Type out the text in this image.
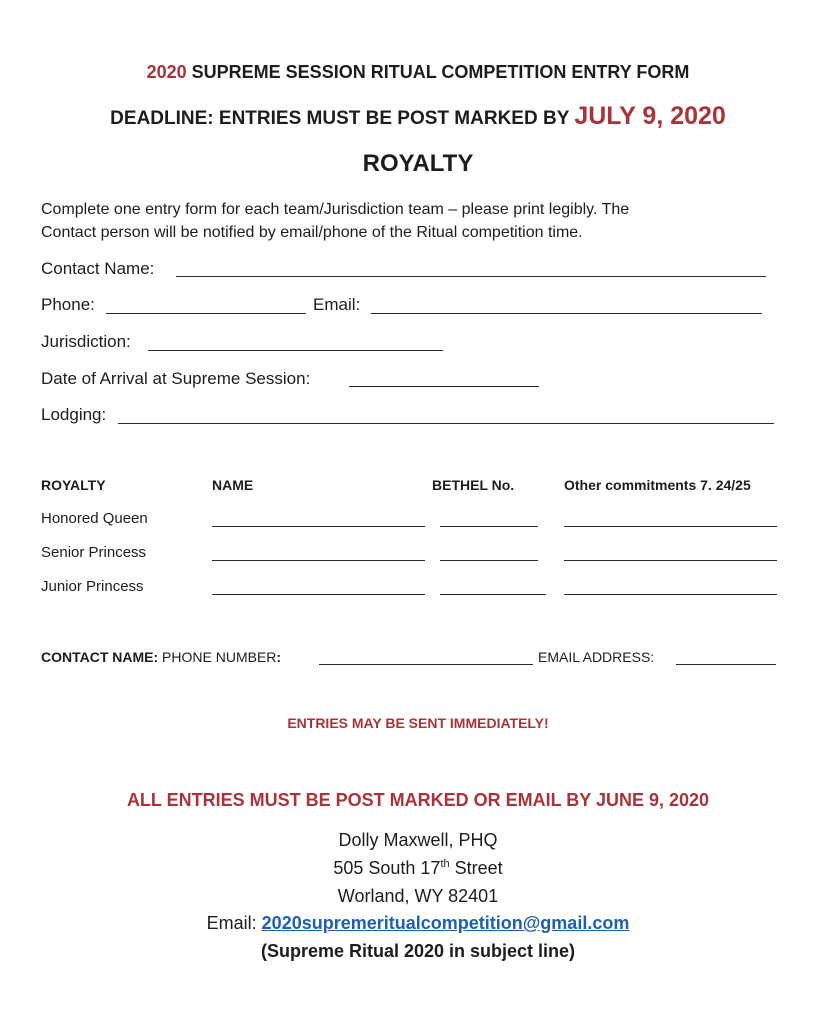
2020 SUPREME SESSION RITUAL COMPETITION ENTRY FORM
DEADLINE: ENTRIES MUST BE POST MARKED BY JULY 9, 2020
ROYALTY
Complete one entry form for each team/Jurisdiction team – please print legibly. The
Contact person will be notified by email/phone of the Ritual competition time.
Contact Name:
Phone:	Email:
Jurisdiction:
Date of Arrival at Supreme Session:
Lodging:
ROYALTY	NAME	BETHEL No.	Other commitments 7. 24/25
Honored Queen
Senior Princess
Junior Princess
CONTACT NAME: PHONE NUMBER:	EMAIL ADDRESS:
ENTRIES MAY BE SENT IMMEDIATELY!
ALL ENTRIES MUST BE POST MARKED OR EMAIL BY JUNE 9, 2020
Dolly Maxwell, PHQ
505 South 17th Street
Worland, WY 82401
Email: 2020supremeritualcompetition@gmail.com
(Supreme Ritual 2020 in subject line)
